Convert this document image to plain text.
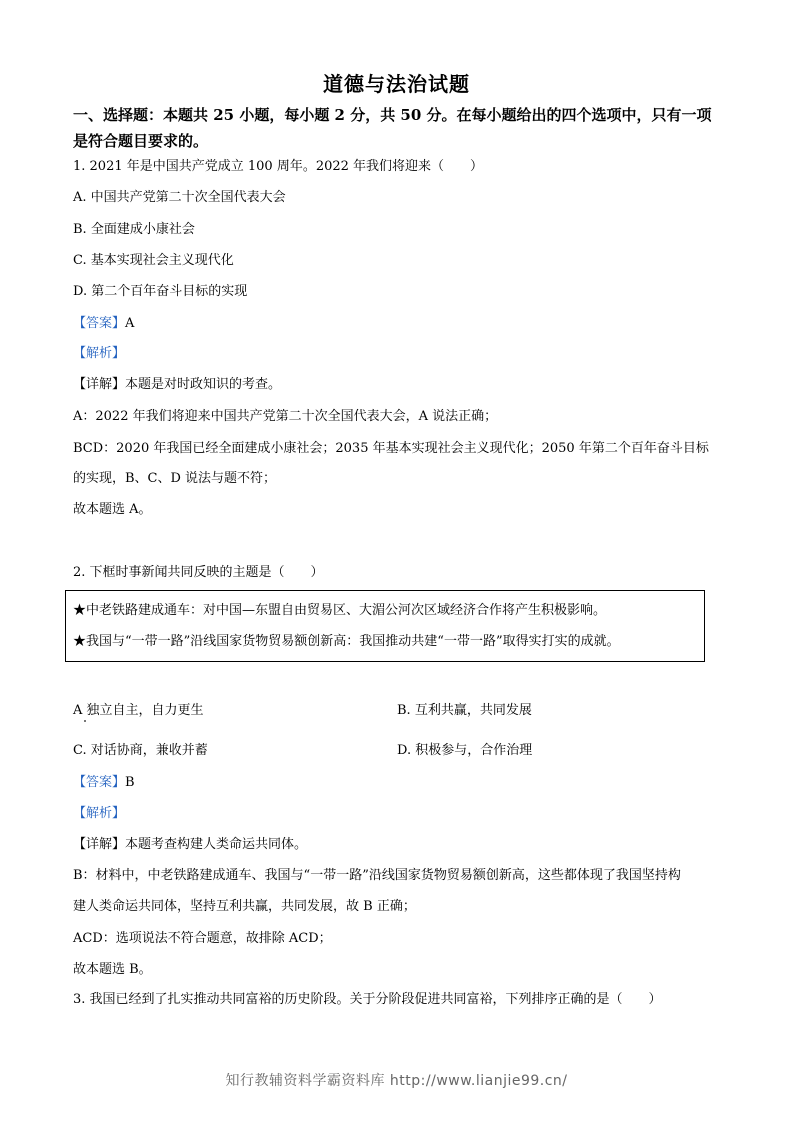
道德与法治试题
一、选择题：本题共 25 小题，每小题 2 分，共 50 分。在每小题给出的四个选项中，只有一项是符合题目要求的。
1. 2021 年是中国共产党成立 100 周年。2022 年我们将迎来（　　）
A. 中国共产党第二十次全国代表大会
B. 全面建成小康社会
C. 基本实现社会主义现代化
D. 第二个百年奋斗目标的实现
【答案】A
【解析】
【详解】本题是对时政知识的考查。
A：2022 年我们将迎来中国共产党第二十次全国代表大会，A 说法正确；
BCD：2020 年我国已经全面建成小康社会；2035 年基本实现社会主义现代化；2050 年第二个百年奋斗目标
的实现，B、C、D 说法与题不符；
故本题选 A。
2. 下框时事新闻共同反映的主题是（　　）
★中老铁路建成通车：对中国—东盟自由贸易区、大湄公河次区域经济合作将产生积极影响。
★我国与“一带一路”沿线国家货物贸易额创新高：我国推动共建“一带一路”取得实打实的成就。
A 独立自主，自力更生	B. 互利共赢，共同发展
C. 对话协商，兼收并蓄	D. 积极参与，合作治理
【答案】B
【解析】
【详解】本题考查构建人类命运共同体。
B：材料中，中老铁路建成通车、我国与“一带一路”沿线国家货物贸易额创新高，这些都体现了我国坚持构
建人类命运共同体，坚持互利共赢，共同发展，故 B 正确；
ACD：选项说法不符合题意，故排除 ACD；
故本题选 B。
3. 我国已经到了扎实推动共同富裕的历史阶段。关于分阶段促进共同富裕，下列排序正确的是（　　）
知行教辅资料学霸资料库 http://www.lianjie99.cn/
